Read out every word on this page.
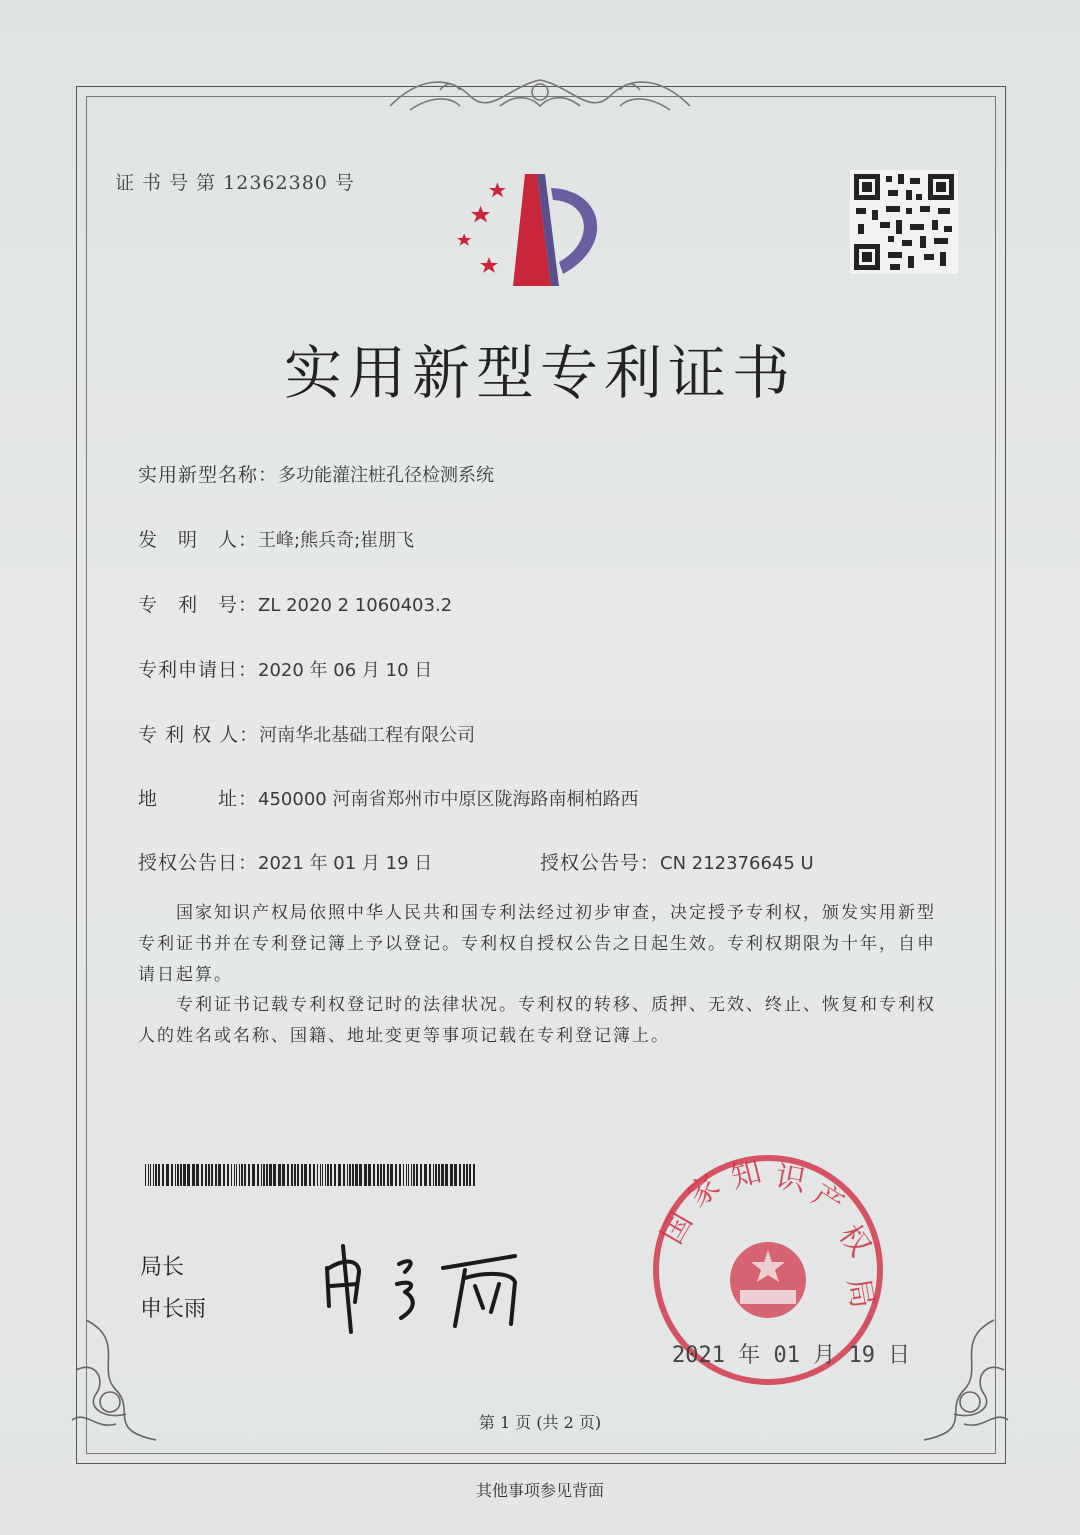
证 书 号 第 12362380 号
实用新型专利证书
实用新型名称：多功能灌注桩孔径检测系统
发　明　人：王峰;熊兵奇;崔朋飞
专　利　号：ZL 2020 2 1060403.2
专利申请日：2020 年 06 月 10 日
专 利 权 人：河南华北基础工程有限公司
地　　　址：450000 河南省郑州市中原区陇海路南桐柏路西
授权公告日：2021 年 01 月 19 日	授权公告号：CN 212376645 U
　　国家知识产权局依照中华人民共和国专利法经过初步审查，决定授予专利权，颁发实用新型专利证书并在专利登记簿上予以登记。专利权自授权公告之日起生效。专利权期限为十年，自申请日起算。
　　专利证书记载专利权登记时的法律状况。专利权的转移、质押、无效、终止、恢复和专利权人的姓名或名称、国籍、地址变更等事项记载在专利登记簿上。
局长
申长雨
国
家 知 识
产
权
局
2021 年 01 月 19 日
第 1 页 (共 2 页)
其他事项参见背面
